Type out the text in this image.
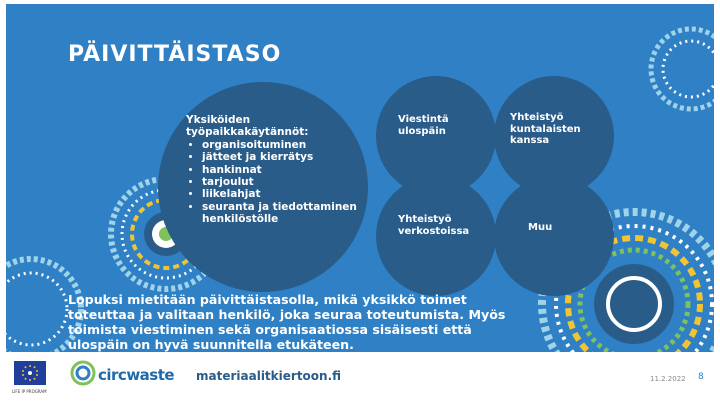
PÄIVITTÄISTASO
Yksiköiden työpaikkakäytännöt:
• organisoituminen
• jätteet ja kierrätys
• hankinnat
• tarjoulut
• liikelahjat
• seuranta ja tiedottaminen henkilöstölle
Viestintä ulospäin
Yhteistyö kuntalaisten kanssa
Yhteistyö verkostoissa	Muu

Lopuksi mietitään päivittäistasolla, mikä yksikkö toimet toteuttaa ja valitaan henkilö, joka seuraa toteutumista. Myös toimista viestiminen sekä organisaatiossa sisäisesti että ulospäin on hyvä suunnitella etukäteen.

LIFE IP PROGRAM
circwaste materiaalitkiertoon.fi	11.2.2022 8
